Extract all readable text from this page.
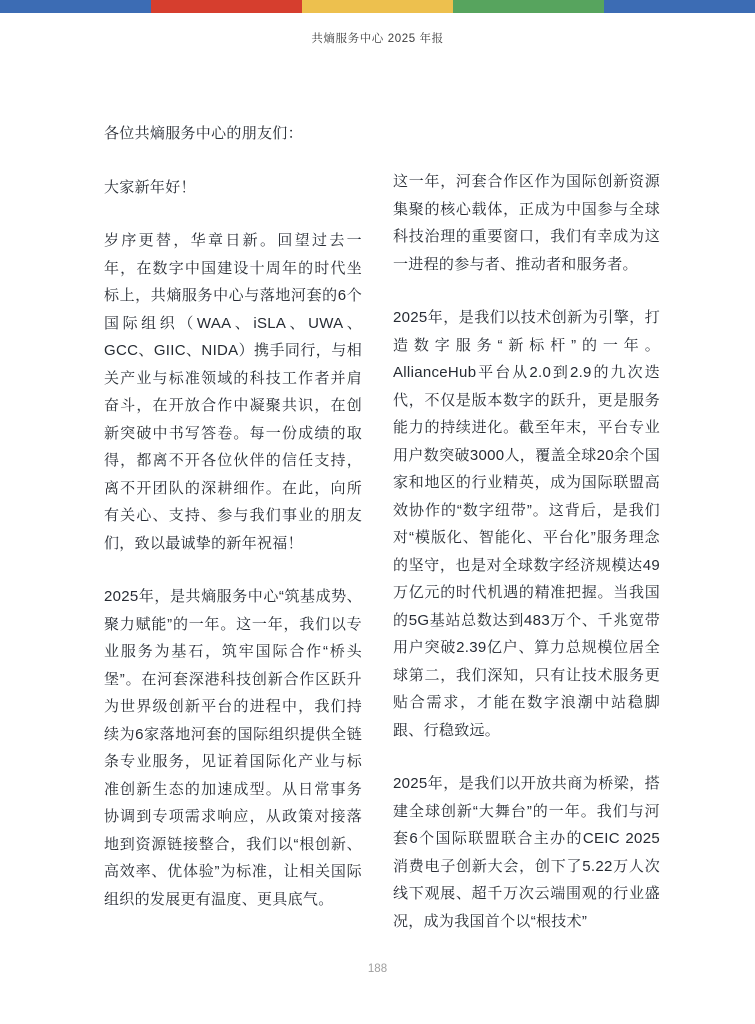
共熵服务中心 2025 年报

各位共熵服务中心的朋友们：

大家新年好！

岁序更替，华章日新。回望过去一年，在数字中国建设十周年的时代坐标上，共熵服务中心与落地河套的6个国际组织（WAA、iSLA、UWA、GCC、GIIC、NIDA）携手同行，与相关产业与标准领域的科技工作者并肩奋斗，在开放合作中凝聚共识，在创新突破中书写答卷。每一份成绩的取得，都离不开各位伙伴的信任支持，离不开团队的深耕细作。在此，向所有关心、支持、参与我们事业的朋友们，致以最诚挚的新年祝福！

2025年，是共熵服务中心“筑基成势、聚力赋能”的一年。这一年，我们以专业服务为基石，筑牢国际合作“桥头堡”。在河套深港科技创新合作区跃升为世界级创新平台的进程中，我们持续为6家落地河套的国际组织提供全链条专业服务，见证着国际化产业与标准创新生态的加速成型。从日常事务协调到专项需求响应，从政策对接落地到资源链接整合，我们以“根创新、高效率、优体验”为标准，让相关国际组织的发展更有温度、更具底气。

这一年，河套合作区作为国际创新资源集聚的核心载体，正成为中国参与全球科技治理的重要窗口，我们有幸成为这一进程的参与者、推动者和服务者。

2025年，是我们以技术创新为引擎，打造数字服务“新标杆”的一年。AllianceHub平台从2.0到2.9的九次迭代，不仅是版本数字的跃升，更是服务能力的持续进化。截至年末，平台专业用户数突破3000人，覆盖全球20余个国家和地区的行业精英，成为国际联盟高效协作的“数字纽带”。这背后，是我们对“模版化、智能化、平台化”服务理念的坚守，也是对全球数字经济规模达49万亿元的时代机遇的精准把握。当我国的5G基站总数达到483万个、千兆宽带用户突破2.39亿户、算力总规模位居全球第二，我们深知，只有让技术服务更贴合需求，才能在数字浪潮中站稳脚跟、行稳致远。

2025年，是我们以开放共商为桥梁，搭建全球创新“大舞台”的一年。我们与河套6个国际联盟联合主办的CEIC 2025消费电子创新大会，创下了5.22万人次线下观展、超千万次云端围观的行业盛况，成为我国首个以“根技术”

188
